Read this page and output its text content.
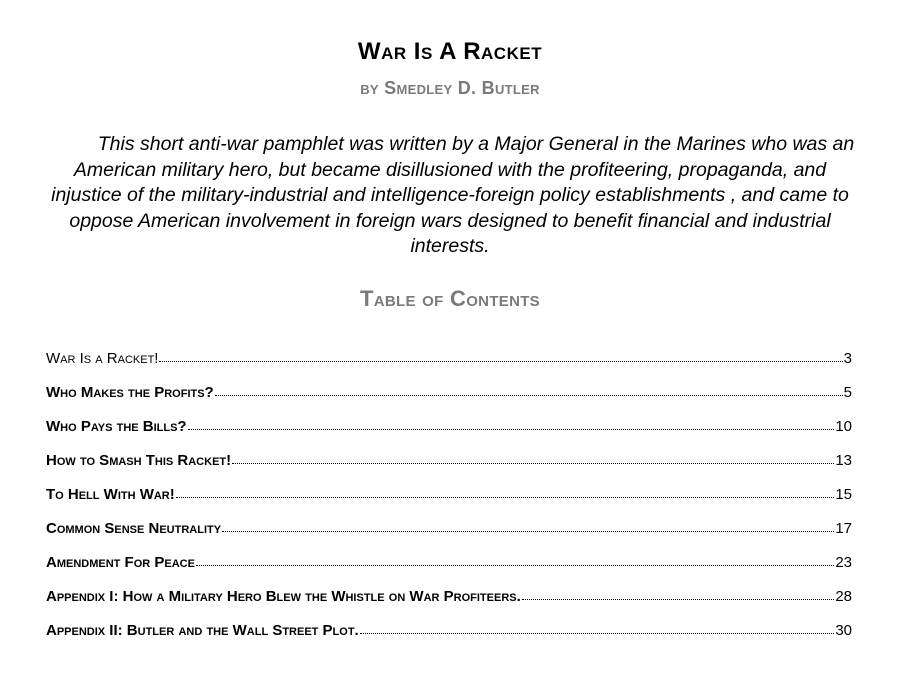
War Is A Racket
by Smedley D. Butler
This short anti-war pamphlet was written by a Major General in the Marines who was an American military hero, but became disillusioned with the profiteering, propaganda, and injustice of the military-industrial and intelligence-foreign policy establishments , and came to oppose American involvement in foreign wars designed to benefit financial and industrial interests.
Table of Contents
War Is a Racket!	3
Who Makes the Profits?	5
Who Pays the Bills?	10
How to Smash This Racket!	13
To Hell With War!	15
Common Sense Neutrality	17
Amendment For Peace	23
Appendix I: How a Military Hero Blew the Whistle on War Profiteers.	28
Appendix II: Butler and the Wall Street Plot.	30
